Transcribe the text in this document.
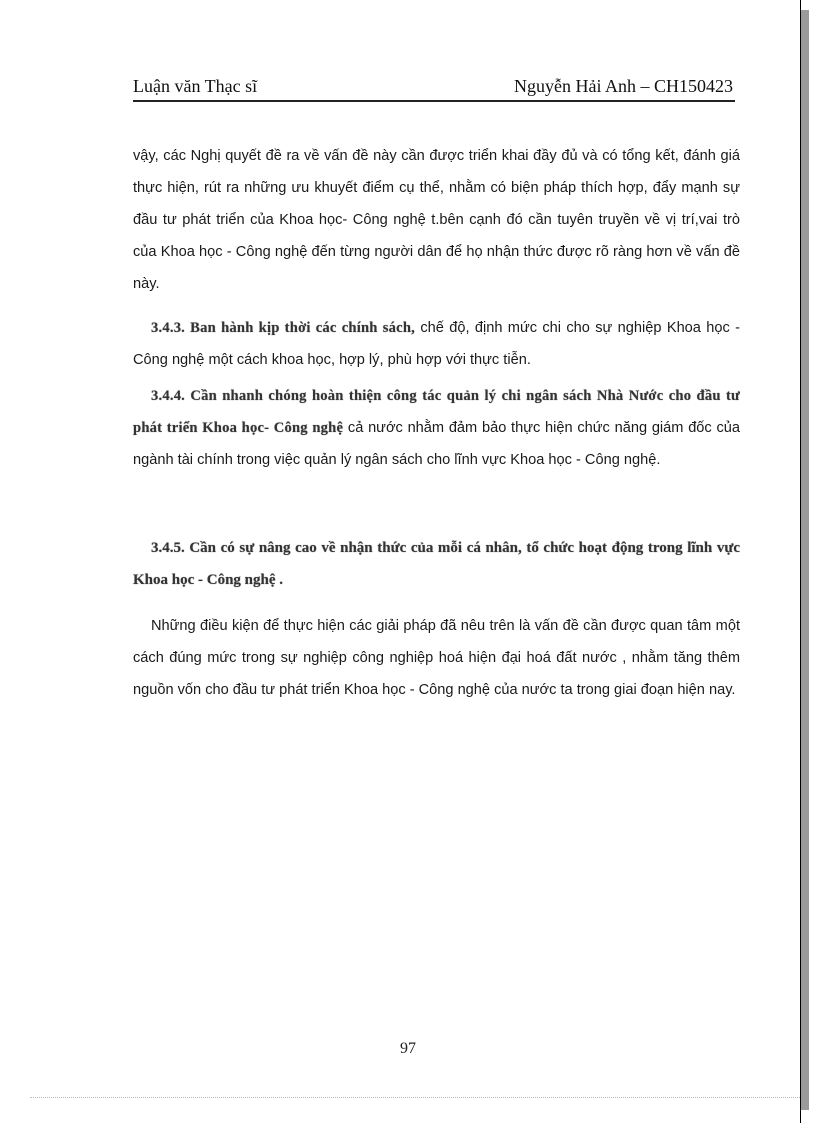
Luận văn Thạc sĩ	Nguyễn Hải Anh – CH150423
vậy, các Nghị quyết đề ra về vấn đề này cần được triển khai đầy đủ và có tổng kết, đánh giá thực hiện, rút ra những ưu khuyết điểm cụ thể, nhằm có biện pháp thích hợp, đẩy mạnh sự đầu tư phát triển của Khoa học- Công nghệ t.bên cạnh đó cần tuyên truyền về vị trí,vai trò của Khoa học - Công nghệ đến từng người dân để họ nhận thức được rõ ràng hơn về vấn đề này.
3.4.3. Ban hành kịp thời các chính sách, chế độ, định mức chi cho sự nghiệp Khoa học - Công nghệ một cách khoa học, hợp lý, phù hợp với thực tiễn.
3.4.4. Cần nhanh chóng hoàn thiện công tác quản lý chi ngân sách Nhà Nước cho đầu tư phát triển Khoa học- Công nghệ cả nước nhằm đảm bảo thực hiện chức năng giám đốc của ngành tài chính trong việc quản lý ngân sách cho lĩnh vực Khoa học - Công nghệ.
3.4.5. Cần có sự nâng cao về nhận thức của mỗi cá nhân, tổ chức hoạt động trong lĩnh vực Khoa học - Công nghệ .
Những điều kiện để thực hiện các giải pháp đã nêu trên là vấn đề cần được quan tâm một cách đúng mức trong sự nghiệp công nghiệp hoá hiện đại hoá đất nước , nhằm tăng thêm nguồn vốn cho đầu tư phát triển Khoa học - Công nghệ của nước ta trong giai đoạn hiện nay.
97
